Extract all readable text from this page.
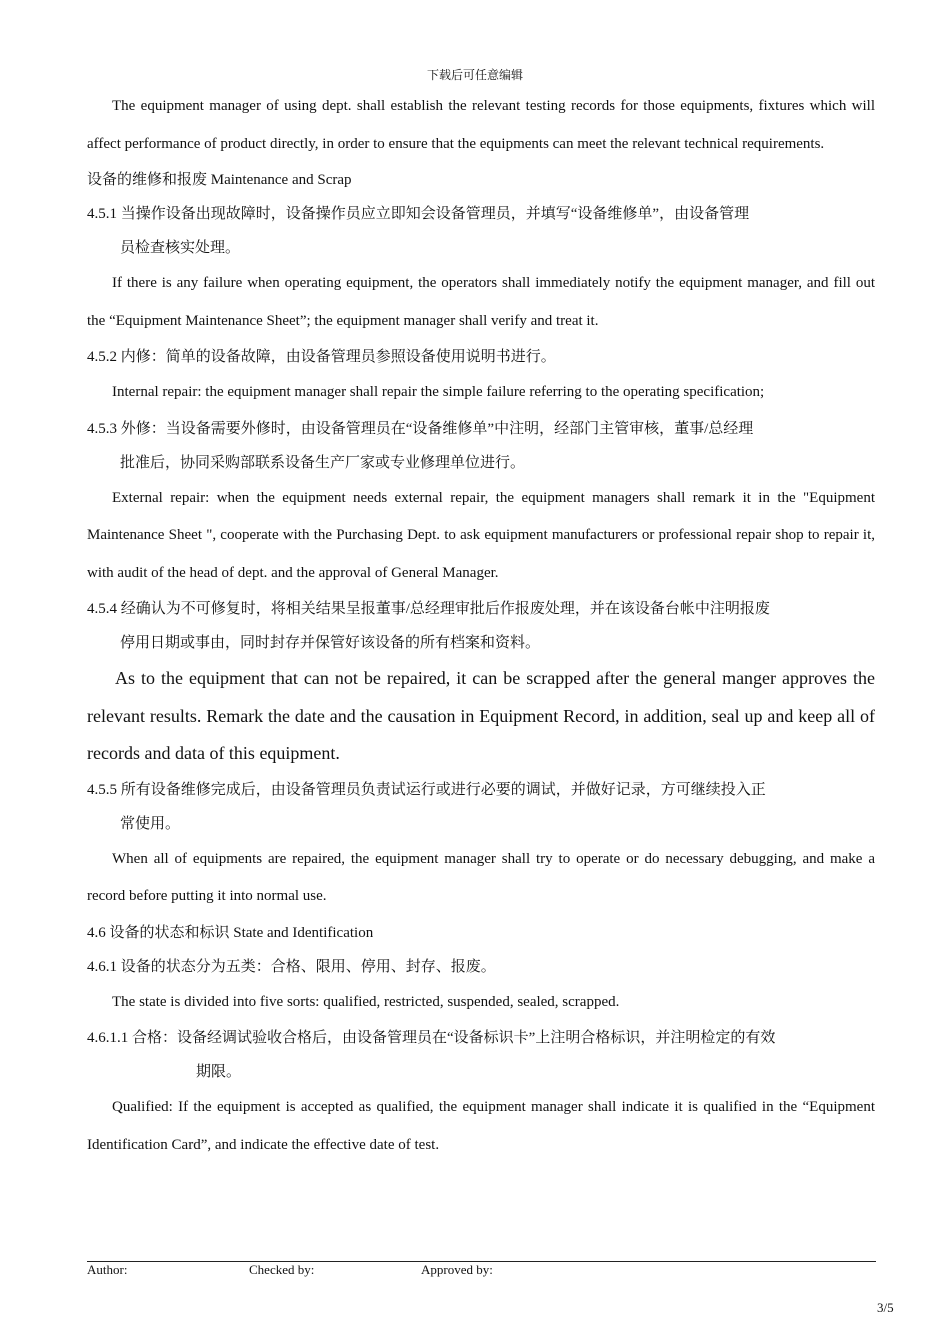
下载后可任意编辑

The equipment manager of using dept. shall establish the relevant testing records for those equipments, fixtures which will affect performance of product directly, in order to ensure that the equipments can meet the relevant technical requirements.

设备的维修和报废 Maintenance and Scrap

4.5.1 当操作设备出现故障时，设备操作员应立即知会设备管理员，并填写“设备维修单”，由设备管理
员检查核实处理。

If there is any failure when operating equipment, the operators shall immediately notify the equipment manager, and fill out the “Equipment Maintenance Sheet”; the equipment manager shall verify and treat it.

4.5.2 内修：简单的设备故障，由设备管理员参照设备使用说明书进行。

Internal repair: the equipment manager shall repair the simple failure referring to the operating specification;

4.5.3 外修：当设备需要外修时，由设备管理员在“设备维修单”中注明，经部门主管审核，董事/总经理
批准后，协同采购部联系设备生产厂家或专业修理单位进行。

External repair: when the equipment needs external repair, the equipment managers shall remark it in the "Equipment Maintenance Sheet ", cooperate with the Purchasing Dept. to ask equipment manufacturers or professional repair shop to repair it, with audit of the head of dept. and the approval of General Manager.

4.5.4 经确认为不可修复时，将相关结果呈报董事/总经理审批后作报废处理，并在该设备台帐中注明报废
停用日期或事由，同时封存并保管好该设备的所有档案和资料。

As to the equipment that can not be repaired, it can be scrapped after the general manger approves the relevant results. Remark the date and the causation in Equipment Record, in addition, seal up and keep all of records and data of this equipment.

4.5.5 所有设备维修完成后，由设备管理员负责试运行或进行必要的调试，并做好记录，方可继续投入正
常使用。

When all of equipments are repaired, the equipment manager shall try to operate or do necessary debugging, and make a record before putting it into normal use.

4.6 设备的状态和标识 State and Identification

4.6.1 设备的状态分为五类：合格、限用、停用、封存、报废。

The state is divided into five sorts: qualified, restricted, suspended, sealed, scrapped.

4.6.1.1 合格：设备经调试验收合格后，由设备管理员在“设备标识卡”上注明合格标识，并注明检定的有效
期限。

Qualified: If the equipment is accepted as qualified, the equipment manager shall indicate it is qualified in the “Equipment Identification Card”, and indicate the effective date of test.

Author:	Checked by:	Approved by:
3/5
